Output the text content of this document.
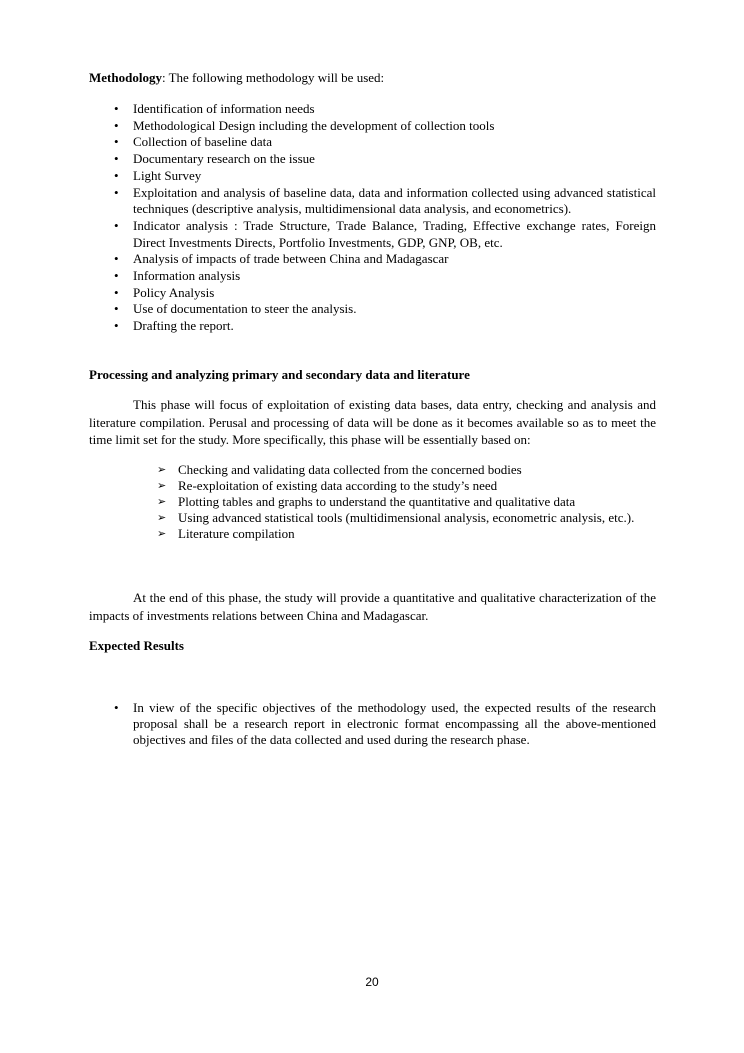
Methodology: The following methodology will be used:

• Identification of information needs
• Methodological Design including the development of collection tools
• Collection of baseline data
• Documentary research on the issue
• Light Survey
• Exploitation and analysis of baseline data, data and information collected using advanced statistical techniques (descriptive analysis, multidimensional data analysis, and econometrics).
• Indicator analysis : Trade Structure, Trade Balance, Trading, Effective exchange rates, Foreign Direct Investments Directs, Portfolio Investments, GDP, GNP, OB, etc.
• Analysis of impacts of trade between China and Madagascar
• Information analysis
• Policy Analysis
• Use of documentation to steer the analysis.
• Drafting the report.

Processing and analyzing primary and secondary data and literature

This phase will focus of exploitation of existing data bases, data entry, checking and analysis and literature compilation. Perusal and processing of data will be done as it becomes available so as to meet the time limit set for the study. More specifically, this phase will be essentially based on:

➢ Checking and validating data collected from the concerned bodies
➢ Re-exploitation of existing data according to the study’s need
➢ Plotting tables and graphs to understand the quantitative and qualitative data
➢ Using advanced statistical tools (multidimensional analysis, econometric analysis, etc.).
➢ Literature compilation

At the end of this phase, the study will provide a quantitative and qualitative characterization of the impacts of investments relations between China and Madagascar.

Expected Results

• In view of the specific objectives of the methodology used, the expected results of the research proposal shall be a research report in electronic format encompassing all the above-mentioned objectives and files of the data collected and used during the research phase.
20
